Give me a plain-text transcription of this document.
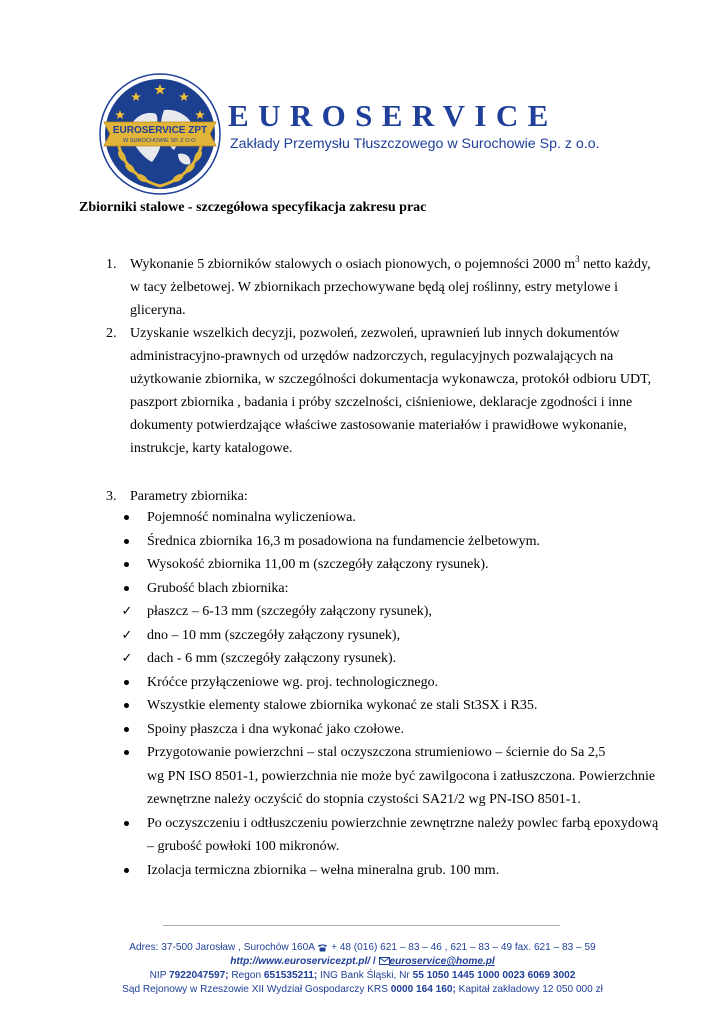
EUROSERVICE ZPT
W SUROCHOWIE SP. Z O.O.
EUROSERVICE
Zakłady Przemysłu Tłuszczowego w Surochowie Sp. z o.o.
Zbiorniki stalowe - szczegółowa specyfikacja zakresu prac
1. Wykonanie 5 zbiorników stalowych o osiach pionowych, o pojemności 2000 $m^3$ netto każdy,
w tacy żelbetowej. W zbiornikach przechowywane będą olej roślinny, estry metylowe i
gliceryna.
2. Uzyskanie wszelkich decyzji, pozwoleń, zezwoleń, uprawnień lub innych dokumentów
administracyjno-prawnych od urzędów nadzorczych, regulacyjnych pozwalających na
użytkowanie zbiornika, w szczególności dokumentacja wykonawcza, protokół odbioru UDT,
paszport zbiornika , badania i próby szczelności, ciśnieniowe, deklaracje zgodności i inne
dokumenty potwierdzające właściwe zastosowanie materiałów i prawidłowe wykonanie,
instrukcje, karty katalogowe.
3. Parametry zbiornika:
Pojemność nominalna wyliczeniowa.
Średnica zbiornika 16,3 m posadowiona na fundamencie żelbetowym.
Wysokość zbiornika 11,00 m (szczegóły załączony rysunek).
Grubość blach zbiornika:
✓ płaszcz – 6-13 mm (szczegóły załączony rysunek),
✓ dno – 10 mm (szczegóły załączony rysunek),
✓ dach - 6 mm (szczegóły załączony rysunek).
Króćce przyłączeniowe wg. proj. technologicznego.
Wszystkie elementy stalowe zbiornika wykonać ze stali St3SX i R35.
Spoiny płaszcza i dna wykonać jako czołowe.
Przygotowanie powierzchni – stal oczyszczona strumieniowo – ściernie do Sa 2,5
wg PN ISO 8501-1, powierzchnia nie może być zawilgocona i zatłuszczona. Powierzchnie
zewnętrzne należy oczyścić do stopnia czystości SA21/2 wg PN-ISO 8501-1.
Po oczyszczeniu i odtłuszczeniu powierzchnie zewnętrzne należy powlec farbą epoxydową
– grubość powłoki 100 mikronów.
Izolacja termiczna zbiornika – wełna mineralna grub. 100 mm.
Adres: 37-500 Jarosław , Surochów 160A  + 48 (016) 621 – 83 – 46 , 621 – 83 – 49 fax. 621 – 83 – 59
http://www.euroservicezpt.pl/ / euroservice@home.pl
NIP 7922047597; Regon 651535211; ING Bank Śląski, Nr 55 1050 1445 1000 0023 6069 3002
Sąd Rejonowy w Rzeszowie XII Wydział Gospodarczy KRS 0000 164 160; Kapitał zakładowy 12 050 000 zł
